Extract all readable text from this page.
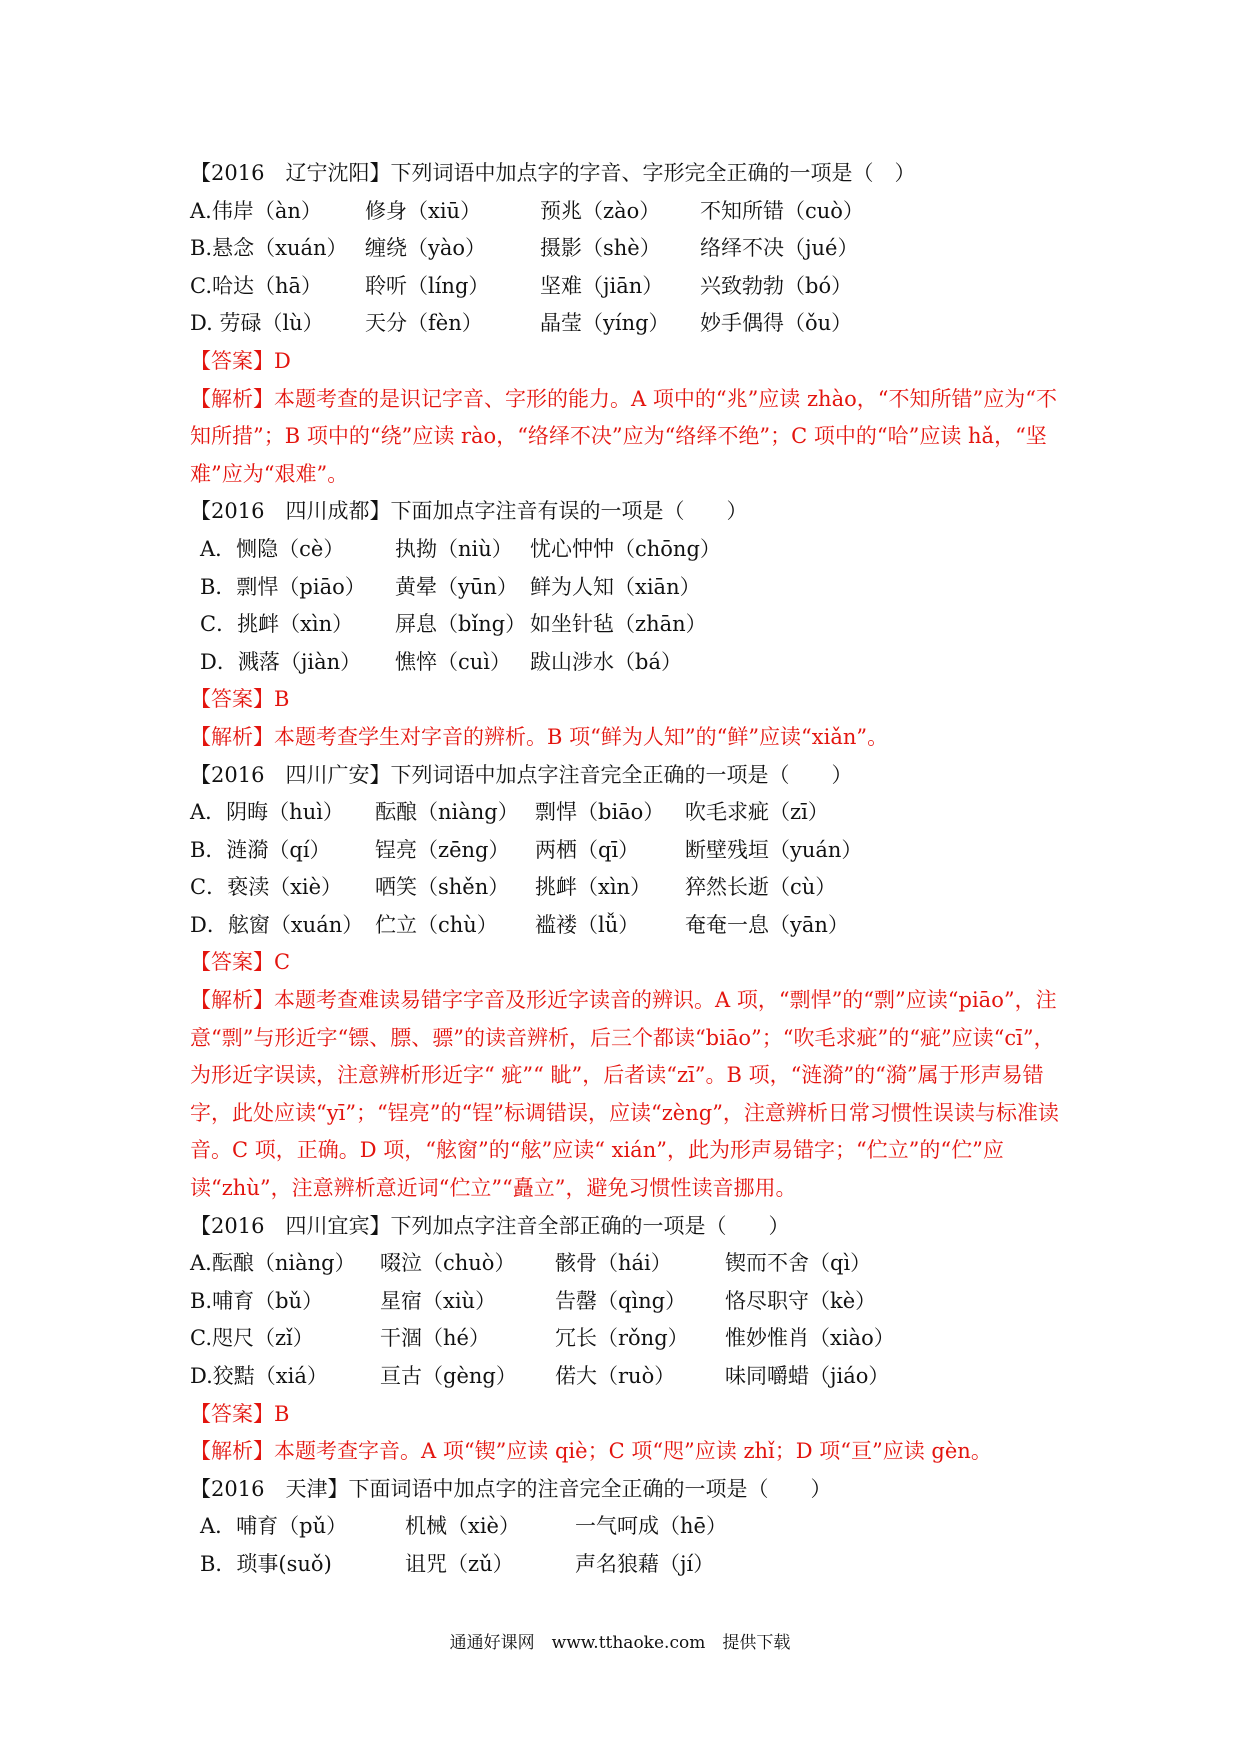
【2016　辽宁沈阳】下列词语中加点字的字音、字形完全正确的一项是（　）
A.伟岸（àn）	修身（xiū）	预兆（zào）	不知所错（cuò）
B.悬念（xuán） 缠绕（yào）	摄影（shè）	络绎不决（jué）
C.哈达（hā）	聆听（líng）	坚难（jiān）	兴致勃勃（bó）
D. 劳碌（lù）	天分（fèn）	晶莹（yíng）	妙手偶得（ǒu）
【答案】D
【解析】本题考查的是识记字音、字形的能力。A 项中的“兆”应读 zhào，“不知所错”应为“不知所措”；B 项中的“绕”应读 rào，“络绎不决”应为“络绎不绝”；C 项中的“哈”应读 hǎ，“坚难”应为“艰难”。
【2016　四川成都】下面加点字注音有误的一项是（　　）
A．恻隐（cè）	执拗（niù） 忧心忡忡（chōng）
B．剽悍（piāo）	黄晕（yūn） 鲜为人知（xiān）
C．挑衅（xìn）	屏息（bǐng） 如坐针毡（zhān）
D．溅落（jiàn）	憔悴（cuì） 跋山涉水（bá）
【答案】B
【解析】本题考查学生对字音的辨析。B 项“鲜为人知”的“鲜”应读“xiǎn”。
【2016　四川广安】下列词语中加点字注音完全正确的一项是（　　）
A．阴晦（huì）	酝酿（niàng） 剽悍（biāo） 吹毛求疵（zī）
B．涟漪（qí）	锃亮（zēng）	两栖（qī）	断壁残垣（yuán）
C．亵渎（xiè）	哂笑（shěn）	挑衅（xìn）	猝然长逝（cù）
D．舷窗（xuán） 伫立（chù）	褴褛（lǚ）	奄奄一息（yān）
【答案】C
【解析】本题考查难读易错字字音及形近字读音的辨识。A 项，“剽悍”的“剽”应读“piāo”，注意“剽”与形近字“镖、膘、骠”的读音辨析，后三个都读“biāo”；“吹毛求疵”的“疵”应读“cī”，为形近字误读，注意辨析形近字“ 疵”“ 眦”，后者读“zī”。B 项，“涟漪”的“漪”属于形声易错字，此处应读“yī”；“锃亮”的“锃”标调错误，应读“zèng”，注意辨析日常习惯性误读与标准读音。C 项，正确。D 项，“舷窗”的“舷”应读“ xián”，此为形声易错字；“伫立”的“伫”应读“zhù”，注意辨析意近词“伫立”“矗立”，避免习惯性读音挪用。
【2016　四川宜宾】下列加点字注音全部正确的一项是（　　）
A.酝酿（niàng）	啜泣（chuò）	骸骨（hái）	锲而不舍（qì）
B.哺育（bǔ）	星宿（xiù）	告罄（qìng）	恪尽职守（kè）
C.咫尺（zǐ）	干涸（hé）	冗长（rǒng）	惟妙惟肖（xiào）
D.狡黠（xiá）	亘古（gèng）	偌大（ruò）	味同嚼蜡（jiáo）
【答案】B
【解析】本题考查字音。A 项“锲”应读 qiè；C 项“咫”应读 zhǐ；D 项“亘”应读 gèn。
【2016　天津】下面词语中加点字的注音完全正确的一项是（　　）
A．哺育（pǔ）	机械（xiè）	一气呵成（hē）
B．琐事(suǒ)	诅咒（zǔ）	声名狼藉（jí）
通通好课网　www.tthaoke.com　提供下载
